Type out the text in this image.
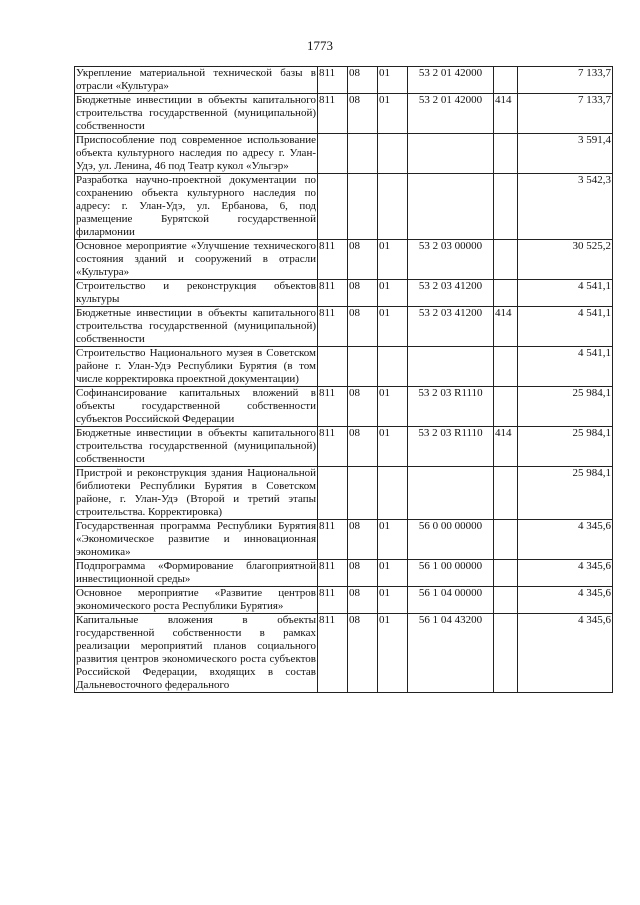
1773
Укрепление материальной технической базы в отрасли «Культура»	811	08	01	53 2 01 42000		7 133,7
Бюджетные инвестиции в объекты капитального строительства государственной (муниципальной) собственности	811	08	01	53 2 01 42000	414	7 133,7
Приспособление под современное использование объекта культурного наследия по адресу г. Улан-Удэ, ул. Ленина, 46 под Театр кукол «Ульгэр»						3 591,4
Разработка научно-проектной документации по сохранению объекта культурного наследия по адресу: г. Улан-Удэ, ул. Ербанова, 6, под размещение Бурятской государственной филармонии						3 542,3
Основное мероприятие «Улучшение технического состояния зданий и сооружений в отрасли «Культура»	811	08	01	53 2 03 00000		30 525,2
Строительство и реконструкция объектов культуры	811	08	01	53 2 03 41200		4 541,1
Бюджетные инвестиции в объекты капитального строительства государственной (муниципальной) собственности	811	08	01	53 2 03 41200	414	4 541,1
Строительство Национального музея в Советском районе г. Улан-Удэ Республики Бурятия (в том числе корректировка проектной документации)						4 541,1
Софинансирование капитальных вложений в объекты государственной собственности субъектов Российской Федерации	811	08	01	53 2 03 R1110		25 984,1
Бюджетные инвестиции в объекты капитального строительства государственной (муниципальной) собственности	811	08	01	53 2 03 R1110	414	25 984,1
Пристрой и реконструкция здания Национальной библиотеки Республики Бурятия в Советском районе, г. Улан-Удэ (Второй и третий этапы строительства. Корректировка)						25 984,1
Государственная программа Республики Бурятия «Экономическое развитие и инновационная экономика»	811	08	01	56 0 00 00000		4 345,6
Подпрограмма «Формирование благоприятной инвестиционной среды»	811	08	01	56 1 00 00000		4 345,6
Основное мероприятие «Развитие центров экономического роста Республики Бурятия»	811	08	01	56 1 04 00000		4 345,6
Капитальные вложения в объекты государственной собственности в рамках реализации мероприятий планов социального развития центров экономического роста субъектов Российской Федерации, входящих в состав Дальневосточного федерального	811	08	01	56 1 04 43200		4 345,6
